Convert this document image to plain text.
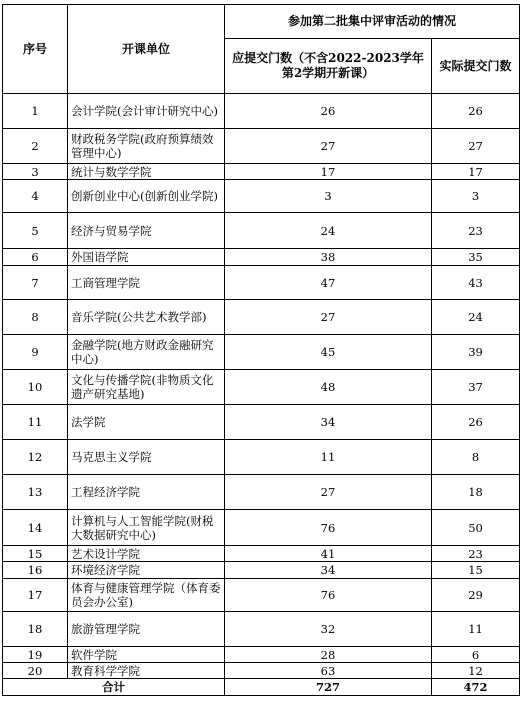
序号	开课单位	参加第二批集中评审活动的情况	
		应提交门数（不含2022-2023学年第2学期开新课）	实际提交门数
1	会计学院(会计审计研究中心)	26	26
2	财政税务学院(政府预算绩效管理中心)	27	27
3	统计与数学学院	17	17
4	创新创业中心(创新创业学院)	3	3
5	经济与贸易学院	24	23
6	外国语学院	38	35
7	工商管理学院	47	43
8	音乐学院(公共艺术教学部)	27	24
9	金融学院(地方财政金融研究中心)	45	39
10	文化与传播学院(非物质文化遗产研究基地)	48	37
11	法学院	34	26
12	马克思主义学院	11	8
13	工程经济学院	27	18
14	计算机与人工智能学院(财税大数据研究中心)	76	50
15	艺术设计学院	41	23
16	环境经济学院	34	15
17	体育与健康管理学院（体育委员会办公室)	76	29
18	旅游管理学院	32	11
19	软件学院	28	6
20	教育科学学院	63	12
合计		727	472
